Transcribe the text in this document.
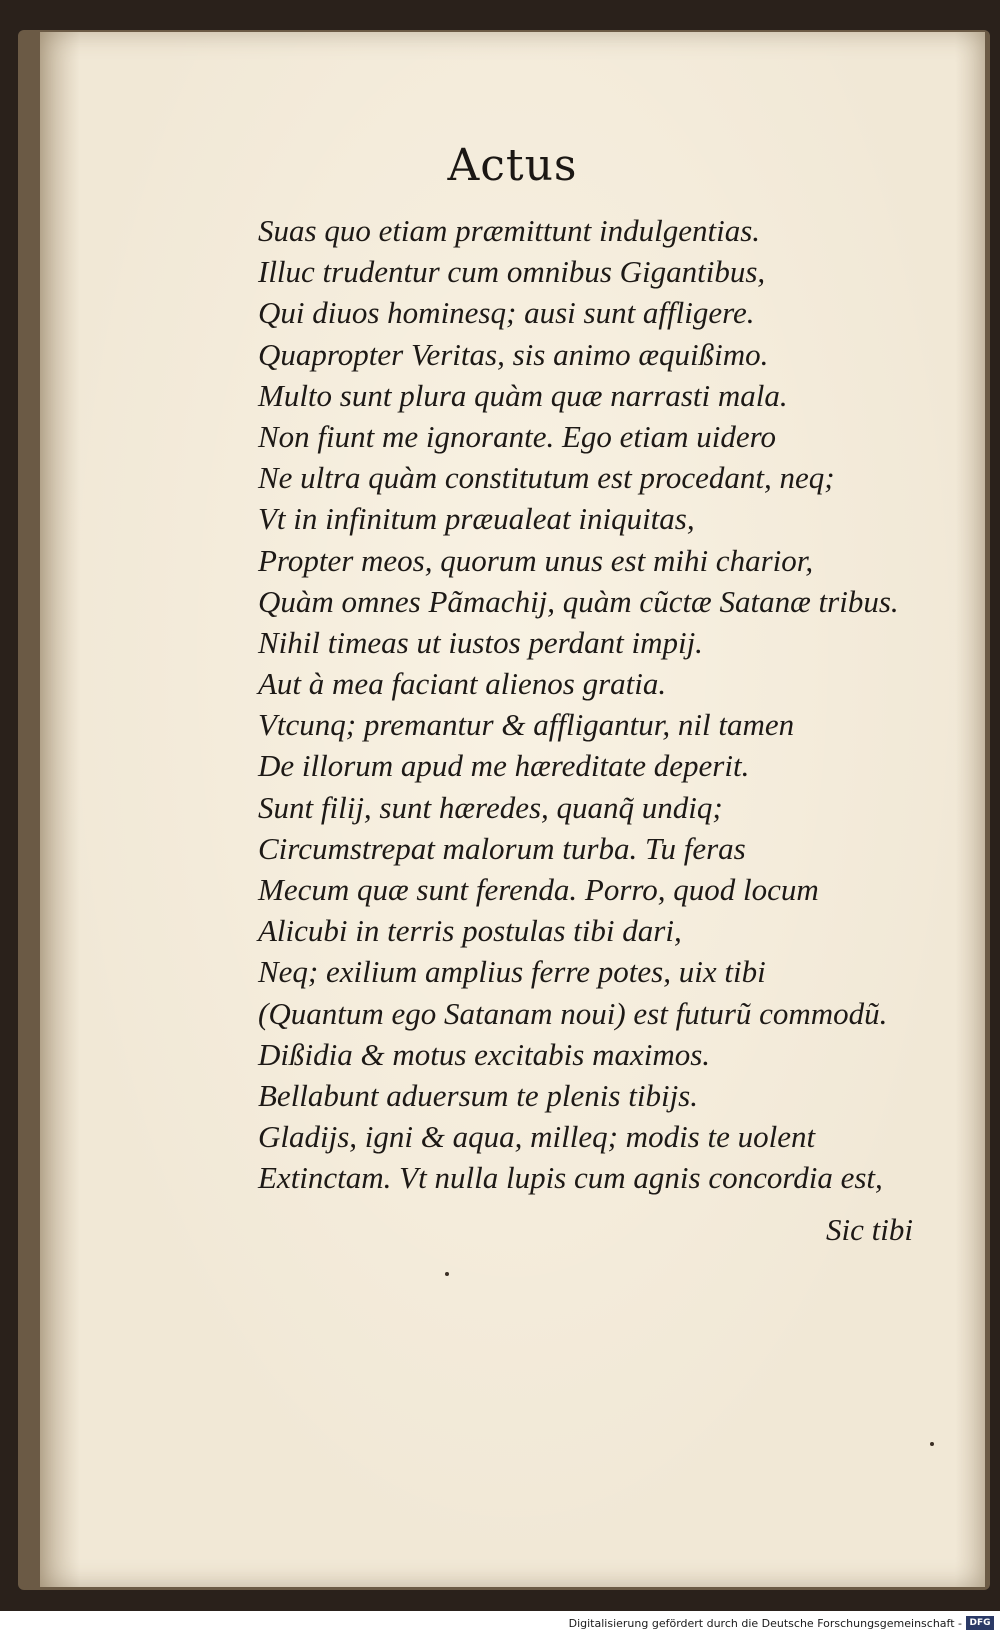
Actus
Suas quo etiam præmittunt indulgentias.
Illuc trudentur cum omnibus Gigantibus,
Qui diuos hominesq; ausi sunt affligere.
Quapropter Veritas, sis animo æquißimo.
Multo sunt plura quàm quæ narrasti mala.
Non fiunt me ignorante. Ego etiam uidero
Ne ultra quàm constitutum est procedant, neq;
Vt in infinitum præualeat iniquitas,
Propter meos, quorum unus est mihi charior,
Quàm omnes Pãmachij, quàm cũctæ Satanæ tribus.
Nihil timeas ut iustos perdant impij.
Aut à mea faciant alienos gratia.
Vtcunq; premantur & affligantur, nil tamen
De illorum apud me hæreditate deperit.
Sunt filij, sunt hæredes, quanq̃ undiq;
Circumstrepat malorum turba. Tu feras
Mecum quæ sunt ferenda. Porro, quod locum
Alicubi in terris postulas tibi dari,
Neq; exilium amplius ferre potes, uix tibi
(Quantum ego Satanam noui) est futurũ commodũ.
Dißidia & motus excitabis maximos.
Bellabunt aduersum te plenis tibijs.
Gladijs, igni & aqua, milleq; modis te uolent
Extinctam. Vt nulla lupis cum agnis concordia est,
Sic tibi
Digitalisierung gefördert durch die Deutsche Forschungsgemeinschaft - DFG
